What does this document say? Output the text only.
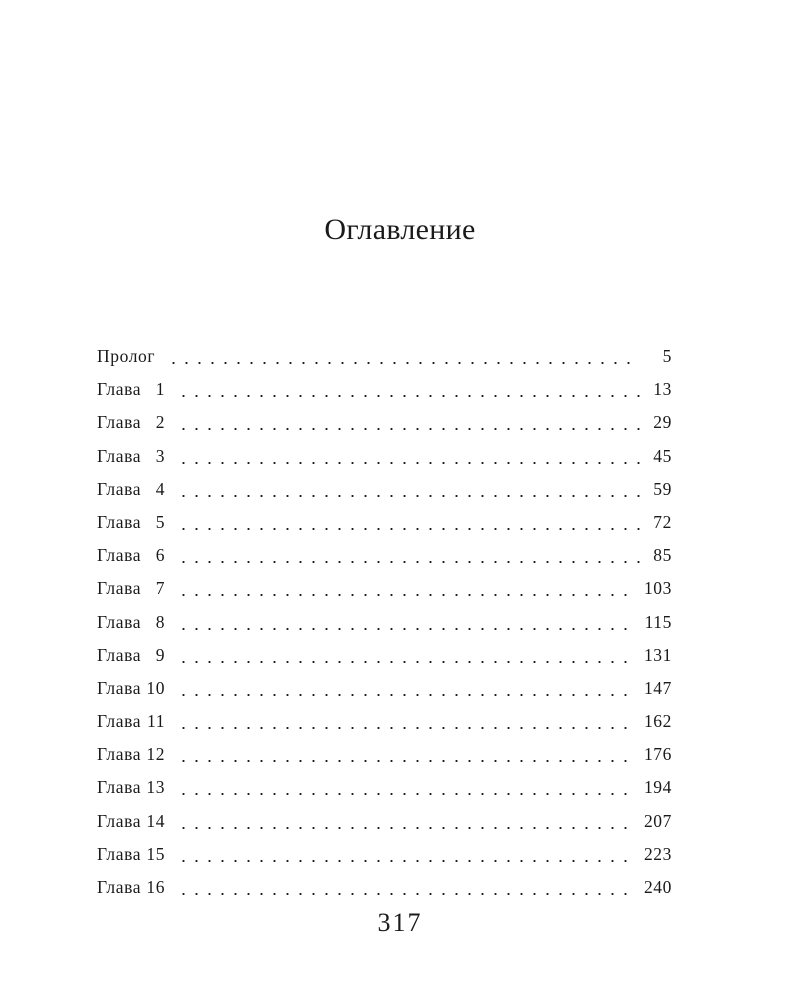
Оглавление
Пролог	5
Глава 1	13
Глава 2	29
Глава 3	45
Глава 4	59
Глава 5	72
Глава 6	85
Глава 7	103
Глава 8	115
Глава 9	131
Глава 10	147
Глава 11	162
Глава 12	176
Глава 13	194
Глава 14	207
Глава 15	223
Глава 16	240
317
